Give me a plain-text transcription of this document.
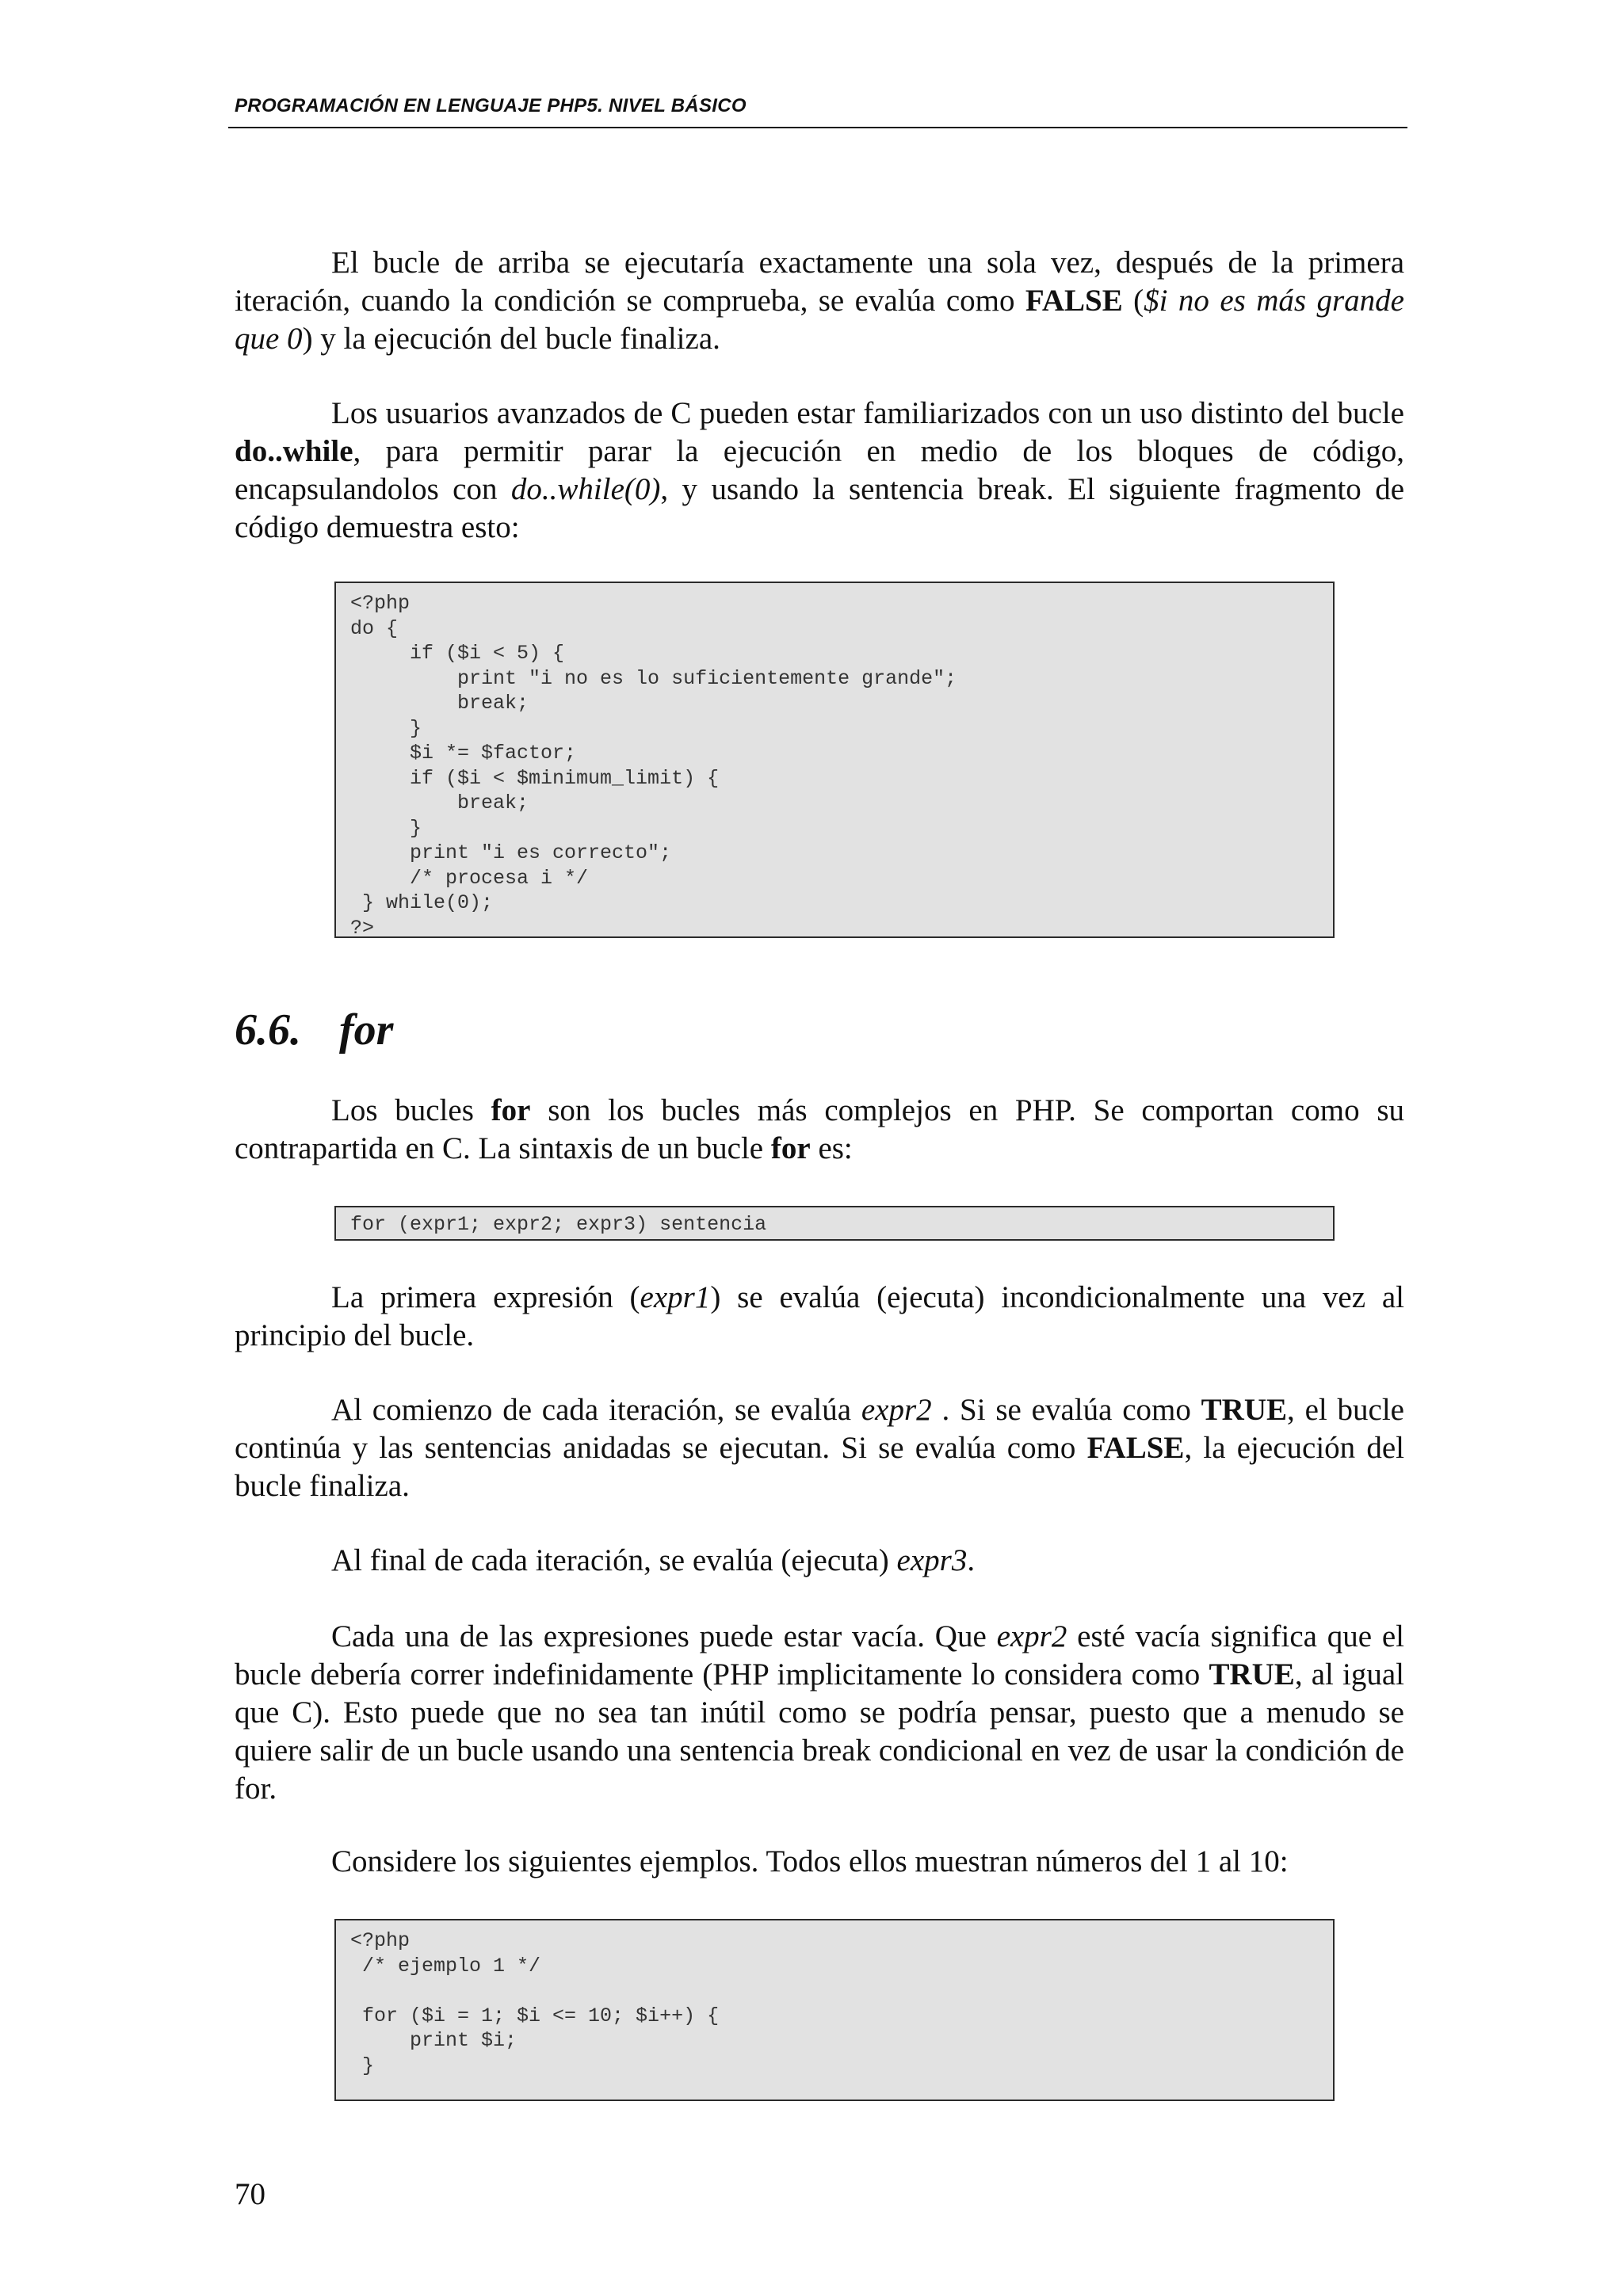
PROGRAMACIÓN EN LENGUAJE PHP5. NIVEL BÁSICO

El bucle de arriba se ejecutaría exactamente una sola vez, después de la primera iteración, cuando la condición se comprueba, se evalúa como FALSE ($i no es más grande que 0) y la ejecución del bucle finaliza.

Los usuarios avanzados de C pueden estar familiarizados con un uso distinto del bucle do..while, para permitir parar la ejecución en medio de los bloques de código, encapsulandolos con do..while(0), y usando la sentencia break. El siguiente fragmento de código demuestra esto:

<?php
do {
if ($i < 5) {
print "i no es lo suficientemente grande";
break;
}
$i *= $factor;
if ($i < $minimum_limit) {
break;
}
print "i es correcto";
/* procesa i */
} while(0);
?>
6.6. for

Los bucles for son los bucles más complejos en PHP. Se comportan como su contrapartida en C. La sintaxis de un bucle for es:

for (expr1; expr2; expr3) sentencia

La primera expresión (expr1) se evalúa (ejecuta) incondicionalmente una vez al principio del bucle.

Al comienzo de cada iteración, se evalúa expr2 . Si se evalúa como TRUE, el bucle continúa y las sentencias anidadas se ejecutan. Si se evalúa como FALSE, la ejecución del bucle finaliza.

Al final de cada iteración, se evalúa (ejecuta) expr3.

Cada una de las expresiones puede estar vacía. Que expr2 esté vacía significa que el bucle debería correr indefinidamente (PHP implicitamente lo considera como TRUE, al igual que C). Esto puede que no sea tan inútil como se podría pensar, puesto que a menudo se quiere salir de un bucle usando una sentencia break condicional en vez de usar la condición de for.

Considere los siguientes ejemplos. Todos ellos muestran números del 1 al 10:

<?php
/* ejemplo 1 */

for ($i = 1; $i <= 10; $i++) {
print $i;
}
70
